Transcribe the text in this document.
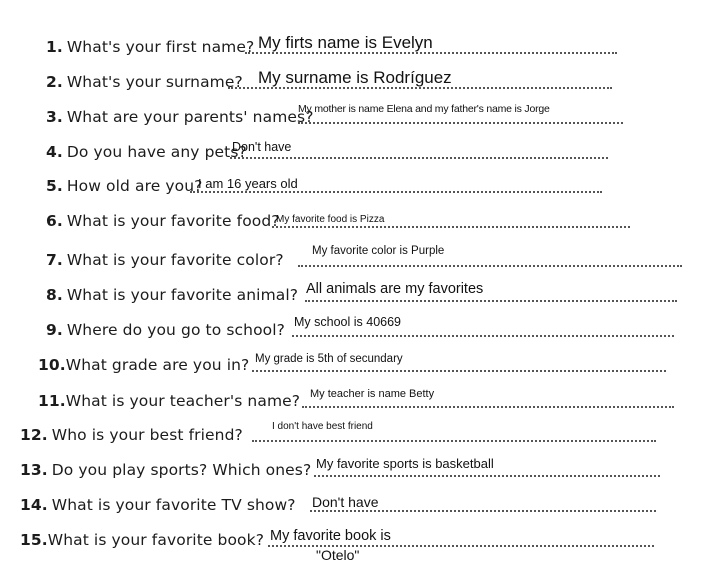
1. What's your first name? My firts name is Evelyn
2. What's your surname? My surname is Rodríguez
3. What are your parents' names?
My mother is name Elena and my father's name is Jorge
4. Do you have any pets?
Don't have
5. How old are you?
I am 16 years old
6. What is your favorite food?
My favorite food is Pizza
7. What is your favorite color? My favorite color is Purple
8. What is your favorite animal? All animals are my favorites
9. Where do you go to school? My school is 40669
10.What grade are you in? My grade is 5th of secundary
11.What is your teacher's name? My teacher is name Betty
12. Who is your best friend?	I don't have best friend
13. Do you play sports? Which ones? My favorite sports is basketball
14. What is your favorite TV show? Don't have
15.What is your favorite book? My favorite book is
"Otelo"
